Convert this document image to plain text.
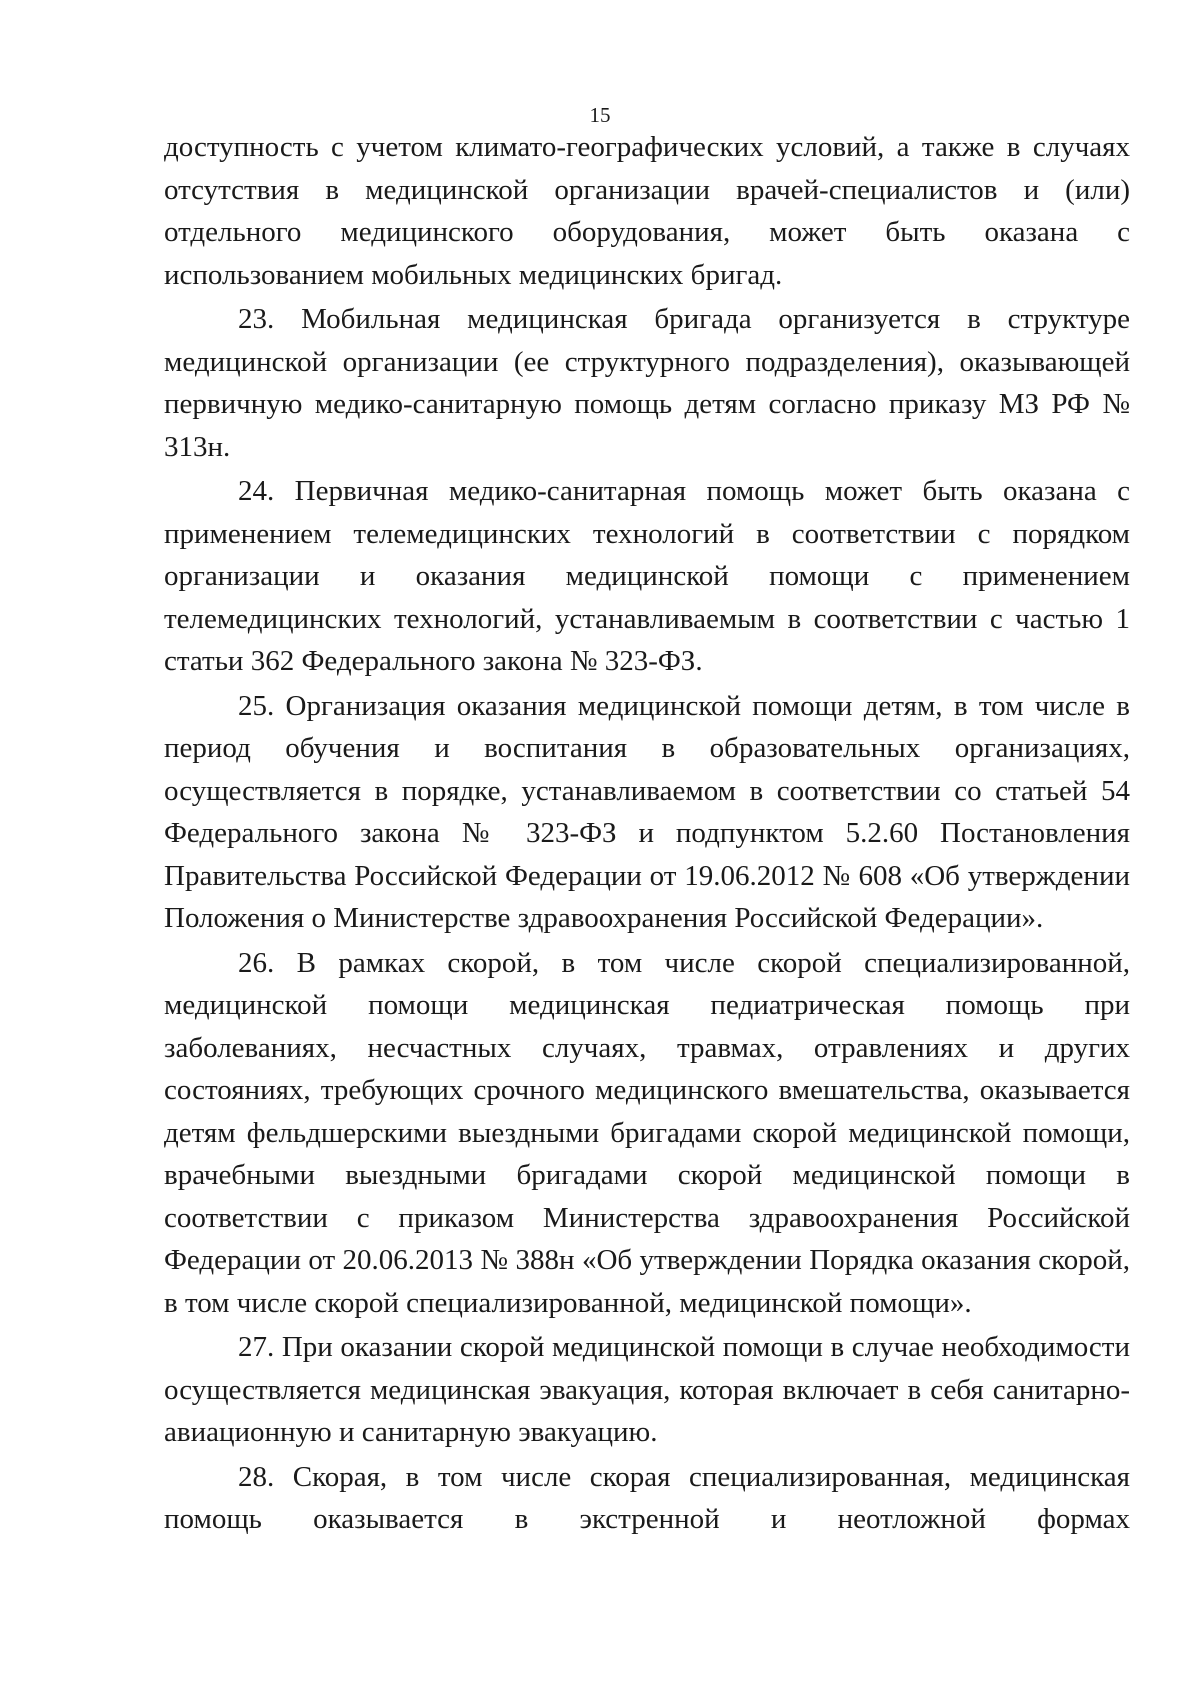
15

доступность с учетом климато-географических условий, а также в случаях отсутствия в медицинской организации врачей-специалистов и (или) отдельного медицинского оборудования, может быть оказана с использованием мобильных медицинских бригад.

23. Мобильная медицинская бригада организуется в структуре медицинской организации (ее структурного подразделения), оказывающей первичную медико-санитарную помощь детям согласно приказу МЗ РФ № 313н.

24. Первичная медико-санитарная помощь может быть оказана с применением телемедицинских технологий в соответствии с порядком организации и оказания медицинской помощи с применением телемедицинских технологий, устанавливаемым в соответствии с частью 1 статьи 362 Федерального закона № 323-ФЗ.

25. Организация оказания медицинской помощи детям, в том числе в период обучения и воспитания в образовательных организациях, осуществляется в порядке, устанавливаемом в соответствии со статьей 54 Федерального закона № 323-ФЗ и подпунктом 5.2.60 Постановления Правительства Российской Федерации от 19.06.2012 № 608 «Об утверждении Положения о Министерстве здравоохранения Российской Федерации».

26. В рамках скорой, в том числе скорой специализированной, медицинской помощи медицинская педиатрическая помощь при заболеваниях, несчастных случаях, травмах, отравлениях и других состояниях, требующих срочного медицинского вмешательства, оказывается детям фельдшерскими выездными бригадами скорой медицинской помощи, врачебными выездными бригадами скорой медицинской помощи в соответствии с приказом Министерства здравоохранения Российской Федерации от 20.06.2013 № 388н «Об утверждении Порядка оказания скорой, в том числе скорой специализированной, медицинской помощи».

27. При оказании скорой медицинской помощи в случае необходимости осуществляется медицинская эвакуация, которая включает в себя санитарно-авиационную и санитарную эвакуацию.

28. Скорая, в том числе скорая специализированная, медицинская помощь оказывается в экстренной и неотложной формах
